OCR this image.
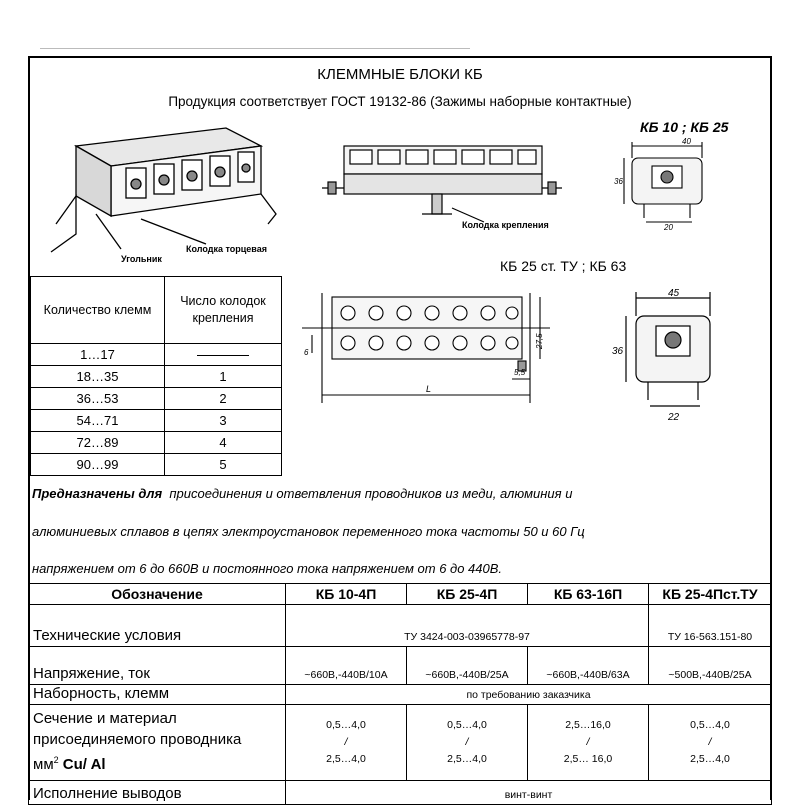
КЛЕММНЫЕ БЛОКИ КБ
Продукция соответствует ГОСТ 19132-86 (Зажимы наборные контактные)
КБ 10 ; КБ 25
КБ 25 ст. ТУ ; КБ 63
Колодка торцевая
Угольник
Колодка крепления
40
36
20
6
27,5
5,5
L
45
36
22
Количество клемм	Число колодок крепления
1…17	
18…35	1
36…53	2
54…71	3
72…89	4
90…99	5
Предназначены для присоединения и ответвления проводников из меди, алюминия и
алюминиевых сплавов в цепях электроустановок переменного тока частоты 50 и 60 Гц
напряжением от 6 до 660В и постоянного тока напряжением от 6 до 440В.
Обозначение	КБ 10-4П	КБ 25-4П	КБ 63-16П	КБ 25-4Пст.ТУ
Технические условия	ТУ 3424-003-03965778-97			ТУ 16-563.151-80
Напряжение, ток	~660В,-440В/10А	~660В,-440В/25А	~660В,-440В/63А	~500В,-440В/25А
Наборность, клемм	по требованию заказчика			
Сечение и материал
присоединяемого проводника
$мм^2$ Cu/ Al	0,5…4,0
/
2,5…4,0	0,5…4,0
/
2,5…4,0	2,5…16,0
/
2,5… 16,0	0,5…4,0
/
2,5…4,0
Исполнение выводов	винт-винт			
